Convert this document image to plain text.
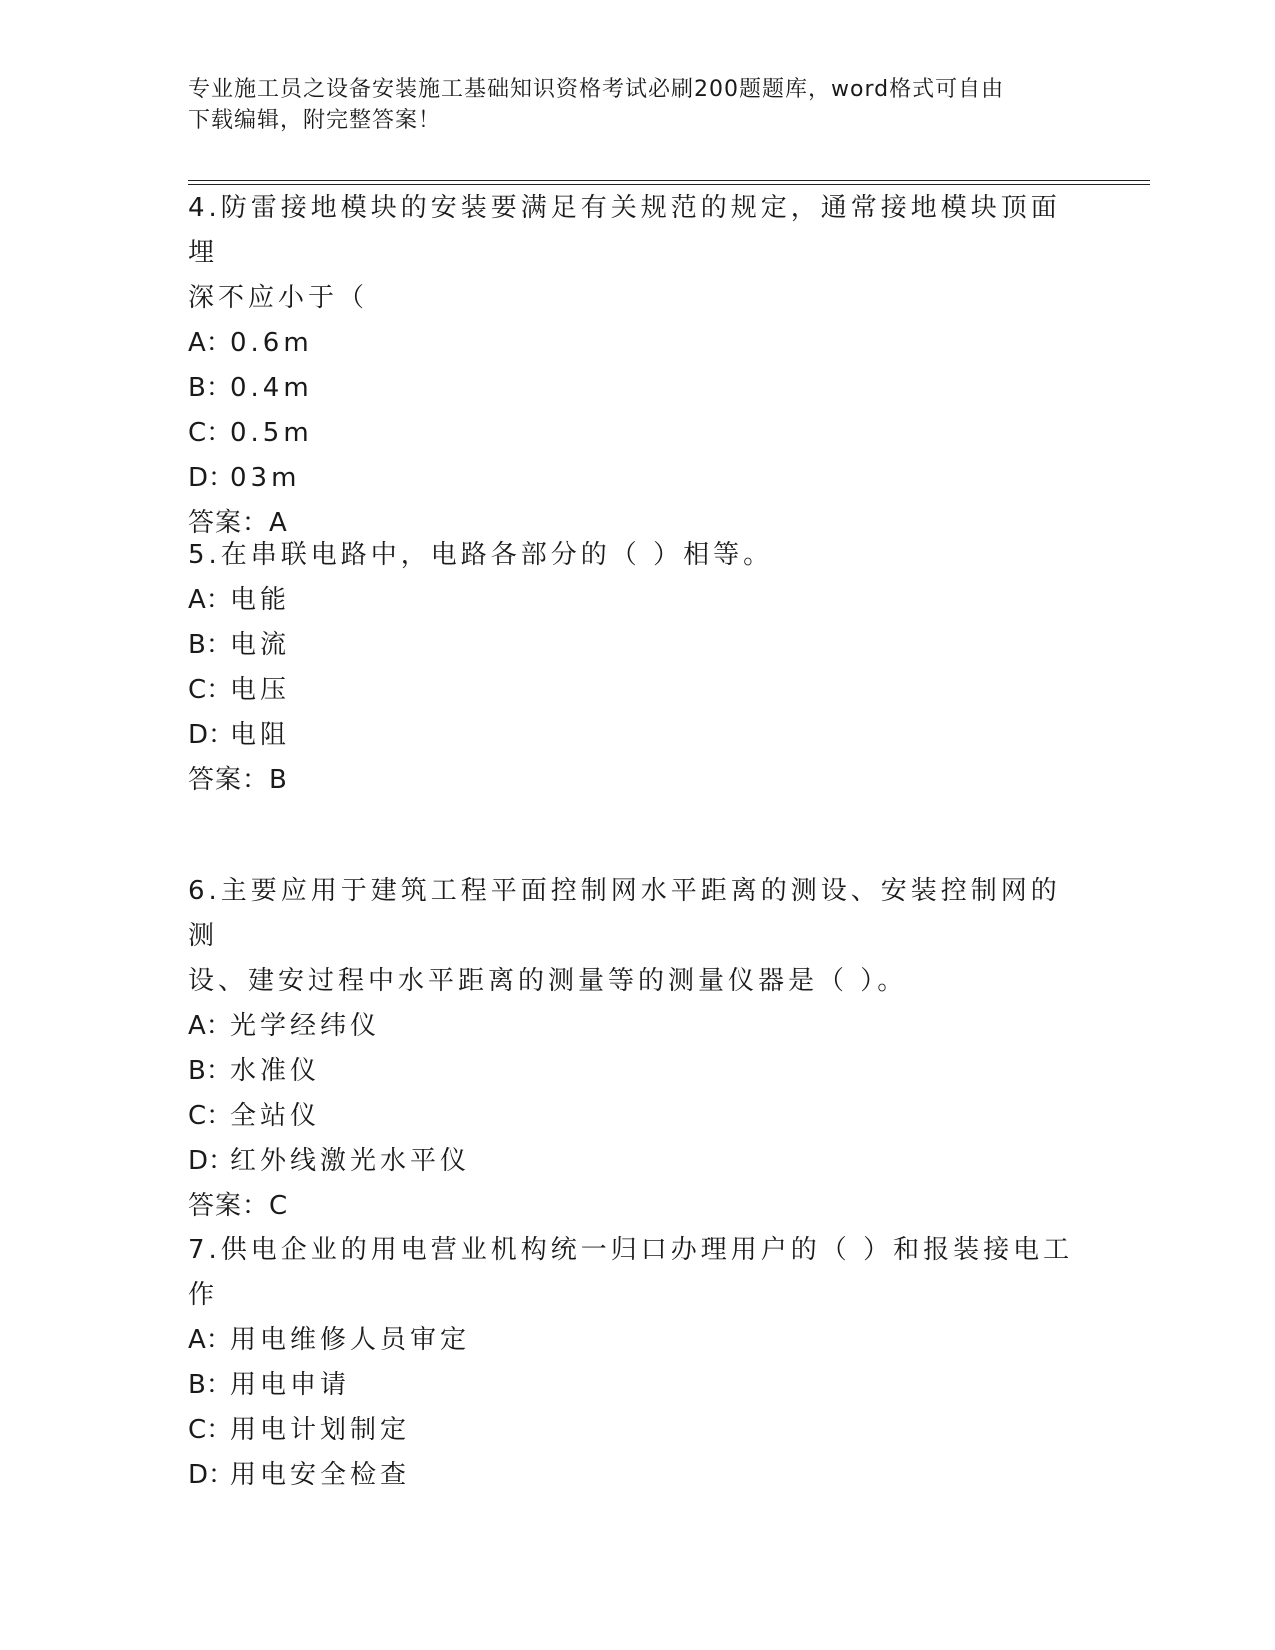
专业施工员之设备安装施工基础知识资格考试必刷200题题库，word格式可自由
下载编辑，附完整答案！

4.防雷接地模块的安装要满足有关规范的规定，通常接地模块顶面埋

深不应小于（

A：0.6m

B：0.4m

C：0.5m

D：03m

答案：A

5.在串联电路中，电路各部分的（ ）相等。

A：电能

B：电流

C：电压

D：电阻

答案：B

6.主要应用于建筑工程平面控制网水平距离的测设、安装控制网的测

设、建安过程中水平距离的测量等的测量仪器是（ ）。

A：光学经纬仪

B：水准仪

C：全站仪

D：红外线激光水平仪

答案：C

7.供电企业的用电营业机构统一归口办理用户的（ ）和报装接电工作

A：用电维修人员审定

B：用电申请

C：用电计划制定

D：用电安全检查
